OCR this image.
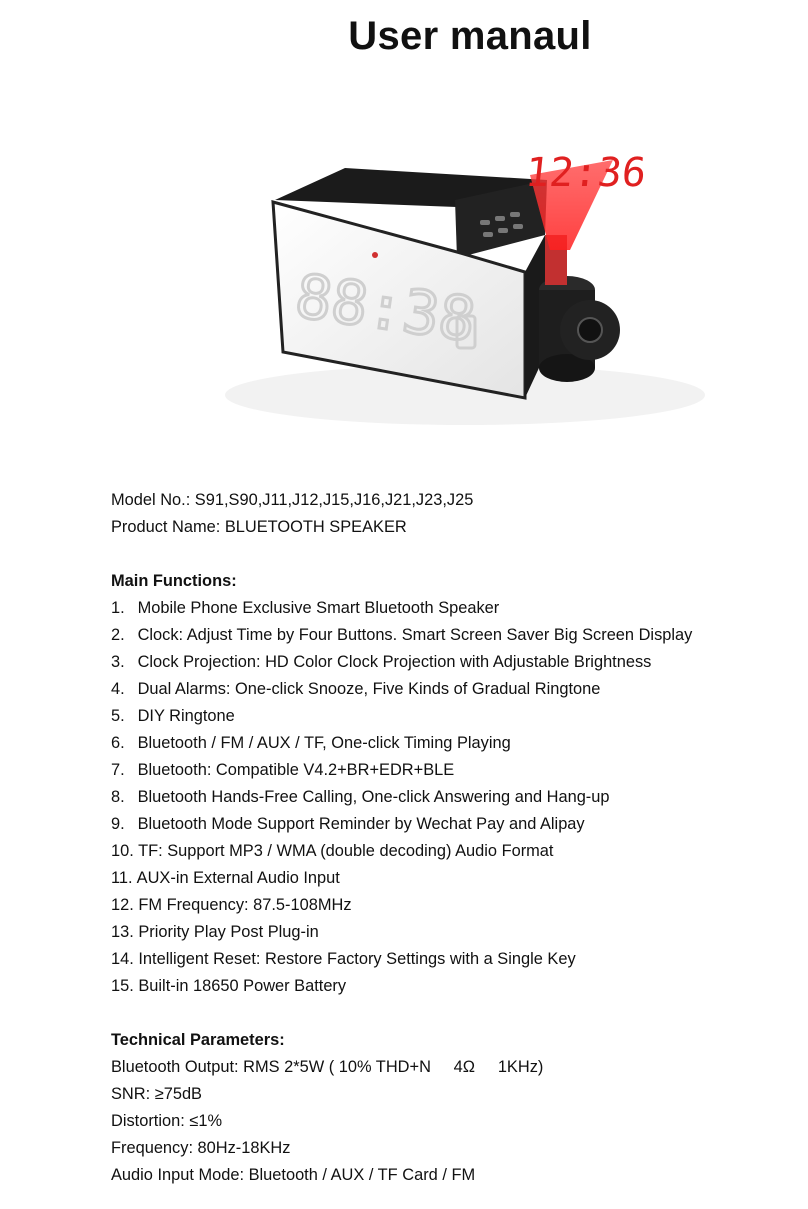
User manaul
12:36
88:38

Model No.: S91,S90,J11,J12,J15,J16,J21,J23,J25

Product Name: BLUETOOTH SPEAKER

Main Functions:

1. Mobile Phone Exclusive Smart Bluetooth Speaker

2. Clock: Adjust Time by Four Buttons. Smart Screen Saver Big Screen Display

3. Clock Projection: HD Color Clock Projection with Adjustable Brightness

4. Dual Alarms: One-click Snooze, Five Kinds of Gradual Ringtone

5. DIY Ringtone

6. Bluetooth / FM / AUX / TF, One-click Timing Playing

7. Bluetooth: Compatible V4.2+BR+EDR+BLE

8. Bluetooth Hands-Free Calling, One-click Answering and Hang-up

9. Bluetooth Mode Support Reminder by Wechat Pay and Alipay

10. TF: Support MP3 / WMA (double decoding) Audio Format

11. AUX-in External Audio Input

12. FM Frequency: 87.5-108MHz

13. Priority Play Post Plug-in

14. Intelligent Reset: Restore Factory Settings with a Single Key

15. Built-in 18650 Power Battery

Technical Parameters:

Bluetooth Output: RMS 2*5W ( 10% THD+N     4Ω     1KHz)

SNR: ≥75dB

Distortion: ≤1%

Frequency: 80Hz-18KHz

Audio Input Mode: Bluetooth / AUX / TF Card / FM
